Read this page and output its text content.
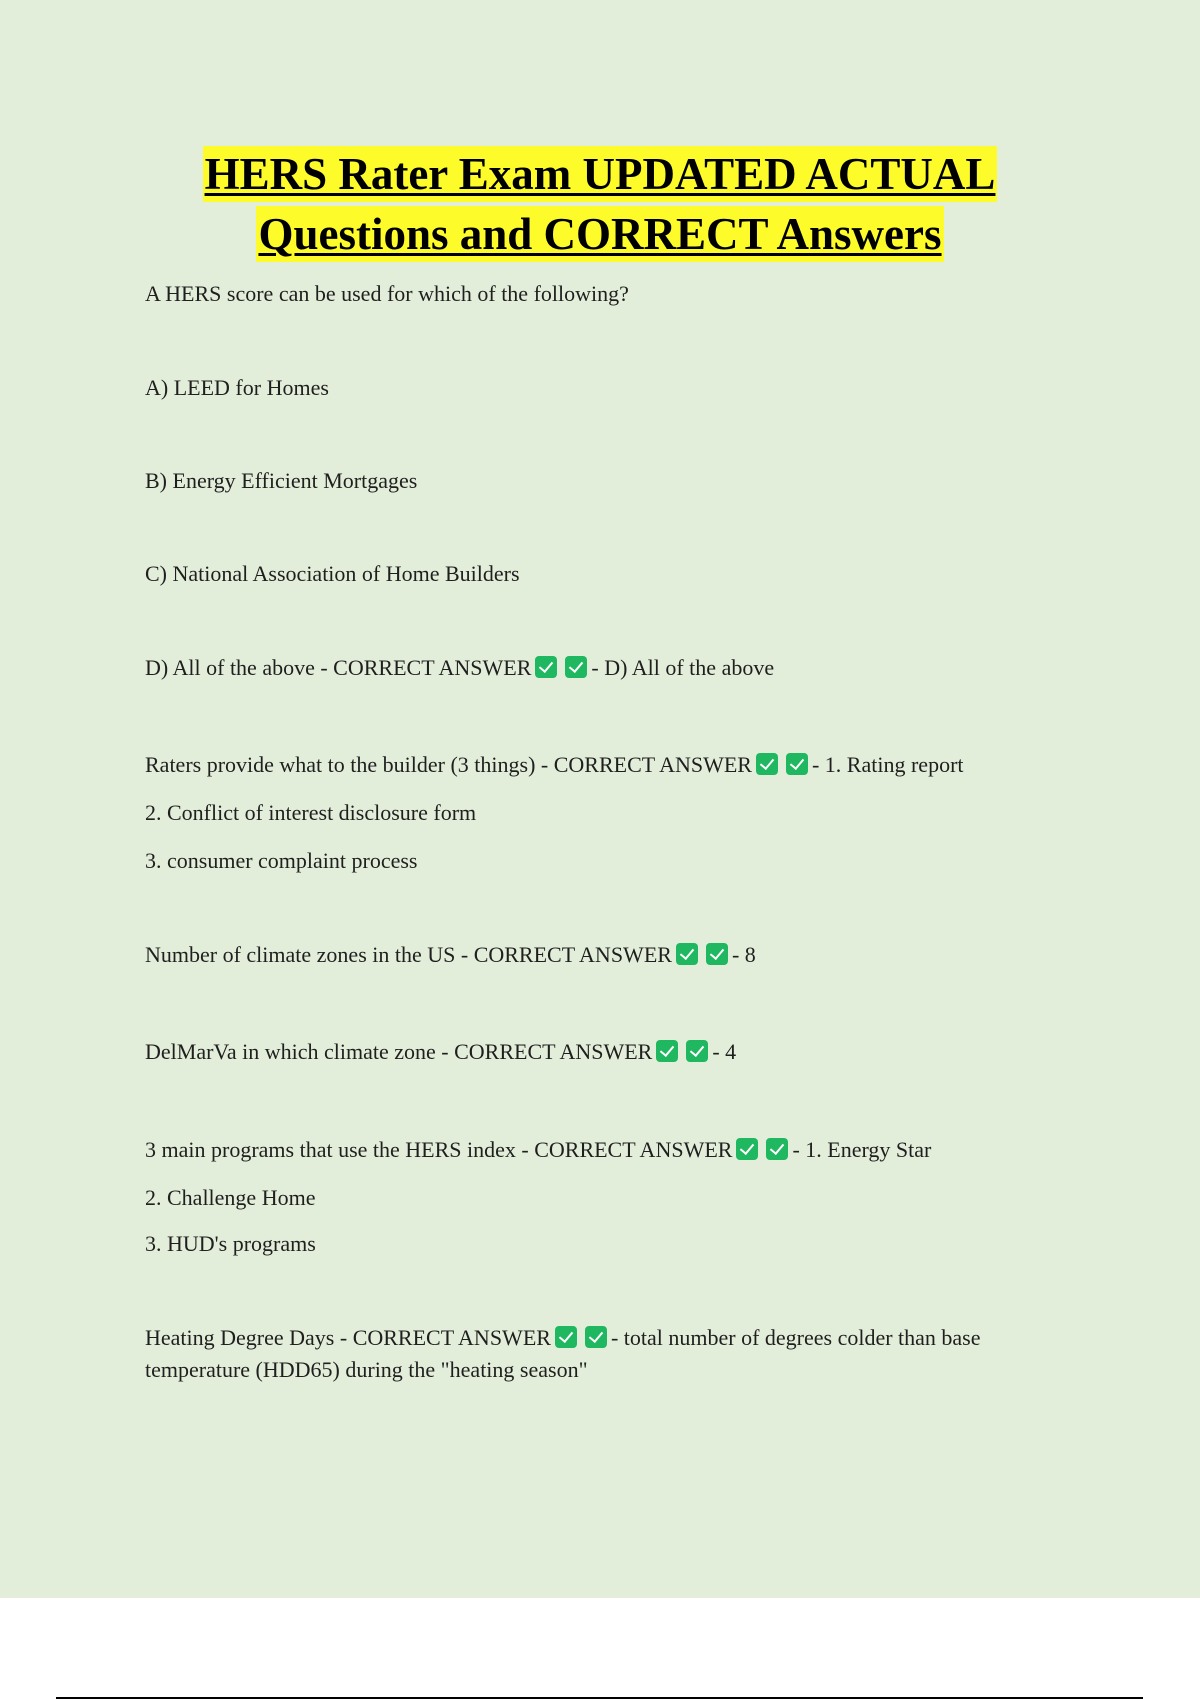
HERS Rater Exam UPDATED ACTUAL
Questions and CORRECT Answers
A HERS score can be used for which of the following?
A) LEED for Homes
B) Energy Efficient Mortgages
C) National Association of Home Builders
D) All of the above - CORRECT ANSWER	- D) All of the above
Raters provide what to the builder (3 things) - CORRECT ANSWER	- 1. Rating report
2. Conflict of interest disclosure form
3. consumer complaint process
Number of climate zones in the US - CORRECT ANSWER	- 8
DelMarVa in which climate zone - CORRECT ANSWER	- 4
3 main programs that use the HERS index - CORRECT ANSWER	- 1. Energy Star
2. Challenge Home
3. HUD's programs
Heating Degree Days - CORRECT ANSWER	- total number of degrees colder than base temperature (HDD65) during the "heating season"
